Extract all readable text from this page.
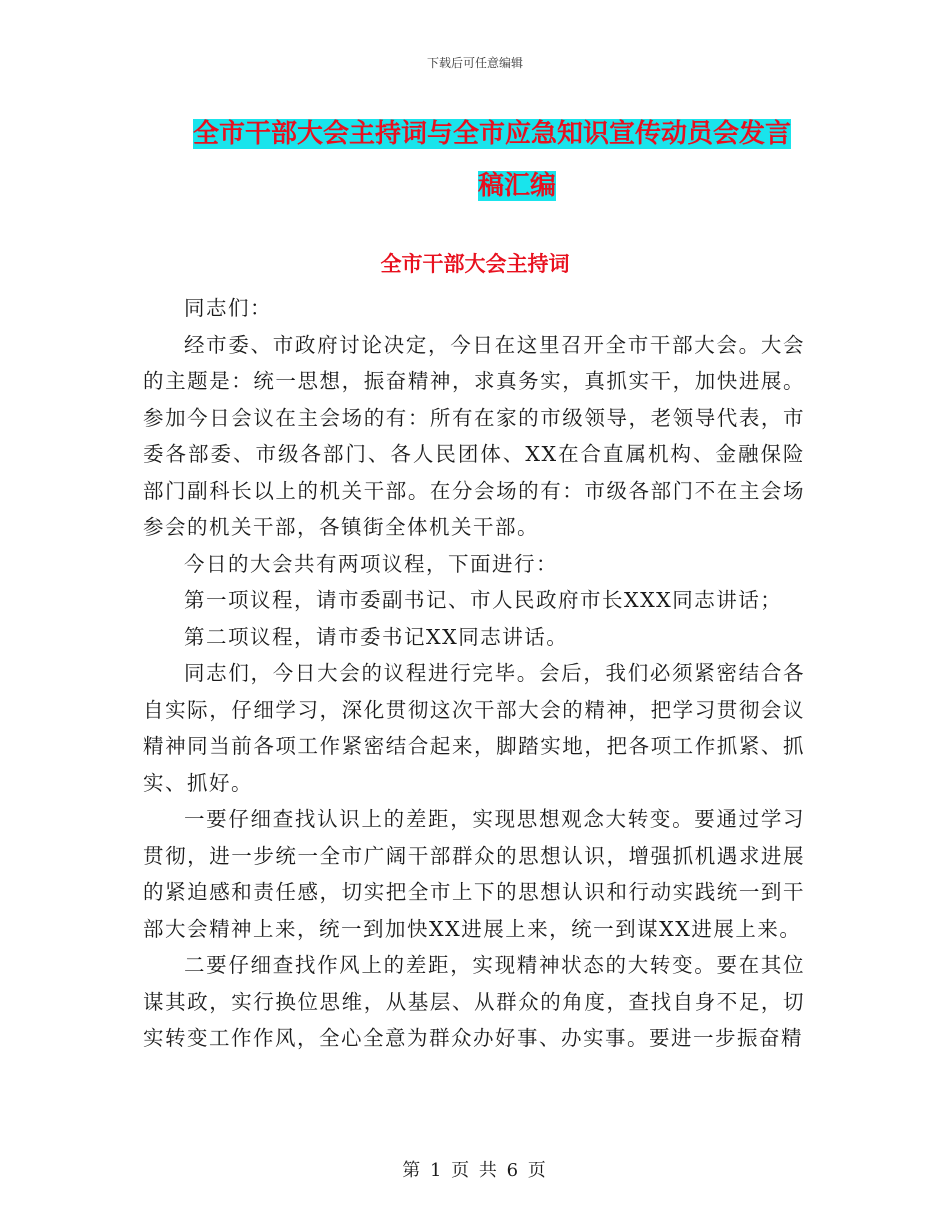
下载后可任意编辑
全市干部大会主持词与全市应急知识宣传动员会发言
稿汇编
全市干部大会主持词

同志们：

经市委、市政府讨论决定，今日在这里召开全市干部大会。大会的主题是：统一思想，振奋精神，求真务实，真抓实干，加快进展。参加今日会议在主会场的有：所有在家的市级领导，老领导代表，市委各部委、市级各部门、各人民团体、XX在合直属机构、金融保险部门副科长以上的机关干部。在分会场的有：市级各部门不在主会场参会的机关干部，各镇街全体机关干部。

今日的大会共有两项议程，下面进行：

第一项议程，请市委副书记、市人民政府市长XXX同志讲话；

第二项议程，请市委书记XX同志讲话。

同志们，今日大会的议程进行完毕。会后，我们必须紧密结合各自实际，仔细学习，深化贯彻这次干部大会的精神，把学习贯彻会议精神同当前各项工作紧密结合起来，脚踏实地，把各项工作抓紧、抓实、抓好。

一要仔细查找认识上的差距，实现思想观念大转变。要通过学习贯彻，进一步统一全市广阔干部群众的思想认识，增强抓机遇求进展的紧迫感和责任感，切实把全市上下的思想认识和行动实践统一到干部大会精神上来，统一到加快XX进展上来，统一到谋XX进展上来。

二要仔细查找作风上的差距，实现精神状态的大转变。要在其位谋其政，实行换位思维，从基层、从群众的角度，查找自身不足，切实转变工作作风，全心全意为群众办好事、办实事。要进一步振奋精

第 1 页 共 6 页
